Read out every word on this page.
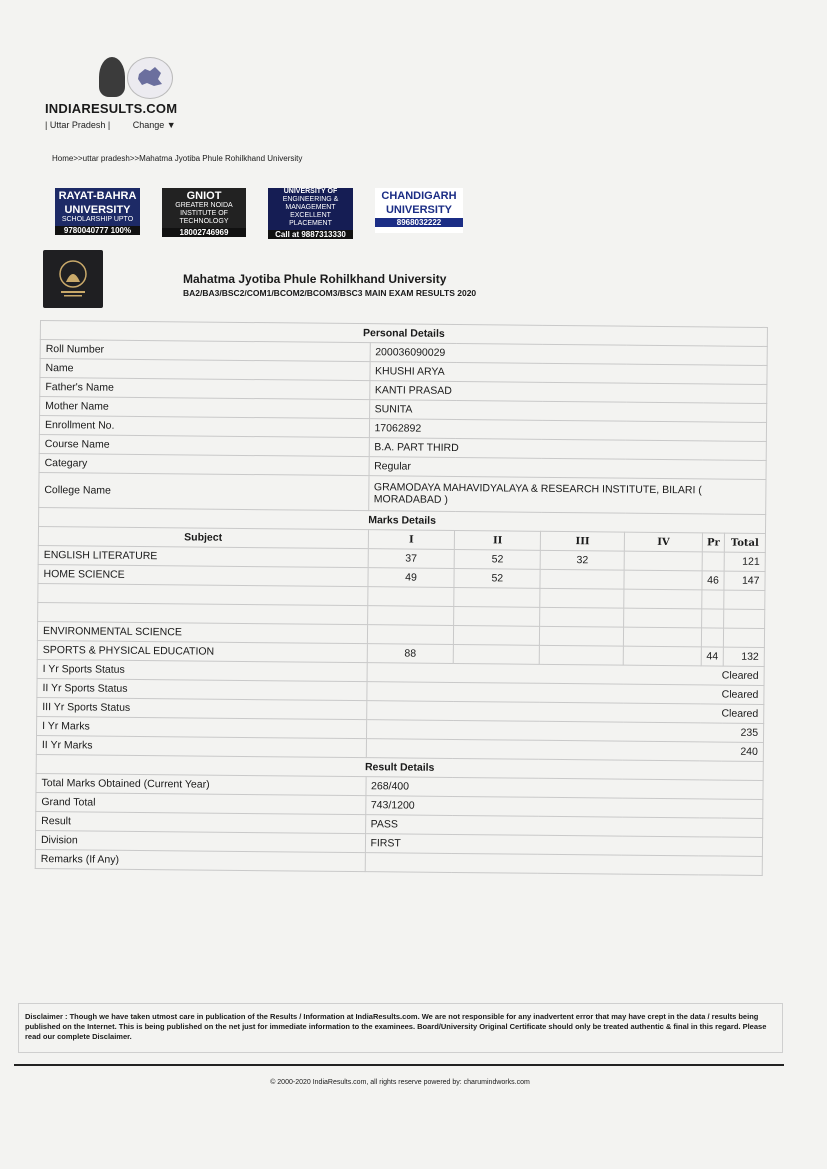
INDIARESULTS.COM
| Uttar Pradesh |	Change ▼
Home>>uttar pradesh>>Mahatma Jyotiba Phule Rohilkhand University
RAYAT-BAHRA
UNIVERSITY
SCHOLARSHIP UPTO
9780040777 100%
GNIOT
GREATER NOIDA
INSTITUTE OF TECHNOLOGY
18002746969
UNIVERSITY OF
ENGINEERING & MANAGEMENT
EXCELLENT PLACEMENT
Call at 9887313330
CHANDIGARH
UNIVERSITY
8968032222
Mahatma Jyotiba Phule Rohilkhand University
BA2/BA3/BSC2/COM1/BCOM2/BCOM3/BSC3 MAIN EXAM RESULTS 2020
Personal Details						
Roll Number	200036090029					
Name	KHUSHI ARYA					
Father's Name	KANTI PRASAD					
Mother Name	SUNITA					
Enrollment No.	17062892					
Course Name	B.A. PART THIRD					
Categary	Regular					
College Name	GRAMODAYA MAHAVIDYALAYA & RESEARCH INSTITUTE, BILARI ( MORADABAD )					
Marks Details						
Subject	I	II	III	IV	Pr	Total
ENGLISH LITERATURE	37	52	32			121
HOME SCIENCE	49	52			46	147

ENVIRONMENTAL SCIENCE						
SPORTS & PHYSICAL EDUCATION	88				44	132
I Yr Sports Status	Cleared					
II Yr Sports Status	Cleared					
III Yr Sports Status	Cleared					
I Yr Marks	235					
II Yr Marks	240					
Result Details						
Total Marks Obtained (Current Year)	268/400					
Grand Total	743/1200					
Result	PASS					
Division	FIRST					
Remarks (If Any)						
Disclaimer : Though we have taken utmost care in publication of the Results / Information at IndiaResults.com. We are not responsible for any inadvertent error that may have crept in the data / results being published on the Internet. This is being published on the net just for immediate information to the examinees. Board/University Original Certificate should only be treated authentic & final in this regard. Please read our complete Disclaimer.
© 2000-2020 IndiaResults.com, all rights reserve powered by: charumindworks.com
